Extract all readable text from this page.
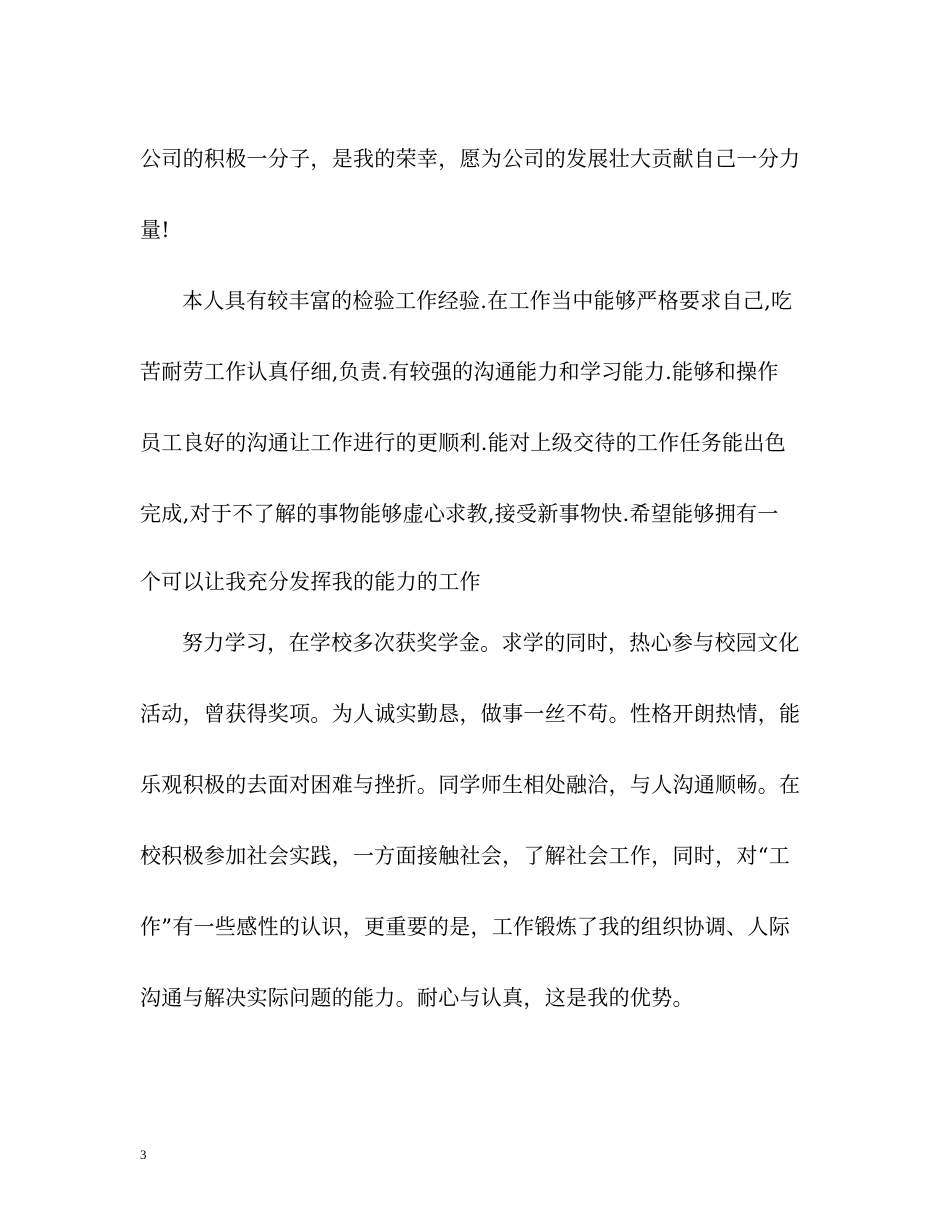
公司的积极一分子，是我的荣幸，愿为公司的发展壮大贡献自己一分力
量!
本人具有较丰富的检验工作经验.在工作当中能够严格要求自己,吃
苦耐劳工作认真仔细,负责.有较强的沟通能力和学习能力.能够和操作
员工良好的沟通让工作进行的更顺利.能对上级交待的工作任务能出色
完成,对于不了解的事物能够虚心求教,接受新事物快.希望能够拥有一
个可以让我充分发挥我的能力的工作
努力学习，在学校多次获奖学金。求学的同时，热心参与校园文化
活动，曾获得奖项。为人诚实勤恳，做事一丝不苟。性格开朗热情，能
乐观积极的去面对困难与挫折。同学师生相处融洽，与人沟通顺畅。在
校积极参加社会实践，一方面接触社会，了解社会工作，同时，对“工
作”有一些感性的认识，更重要的是，工作锻炼了我的组织协调、人际
沟通与解决实际问题的能力。耐心与认真，这是我的优势。
3
